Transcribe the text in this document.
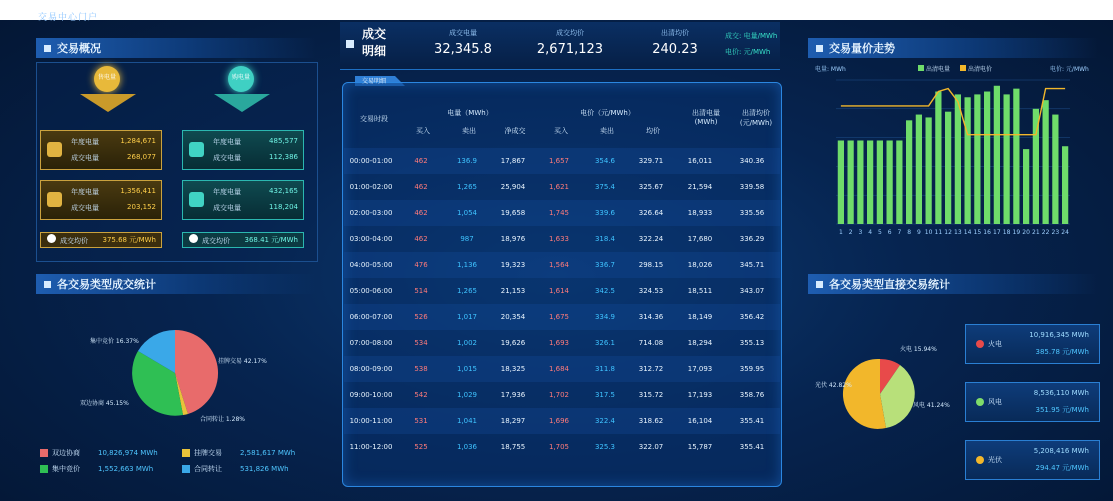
交易中心门户
交易概况
售电量	购电量
年度电量	1,284,671
成交电量	268,077
年度电量	485,577
成交电量	112,386
年度电量	1,356,411
成交电量	203,152
年度电量	432,165
成交电量	118,204
成交均价 375.68 元/MWh	成交均价 368.41 元/MWh
各交易类型成交统计
集中竞价 16.37%
双边协商 45.15%
挂牌交易 42.17%
合同转让 1.28%
双边协商	10,826,974 MWh	挂牌交易	2,581,617 MWh
集中竞价	1,552,663 MWh	合同转让	531,826 MWh
成交
明细
成交电量
32,345.8
成交均价
2,671,123
出清均价
240.23
成交: 电量/MWh
电价: 元/MWh
交易明细
交易时段
电量（MWh）	电价（元/MWh）	出清电量
(MWh)
出清均价
(元/MWh)
买入	卖出	净成交	买入	卖出	均价
00:00-01:00	462	136.9	17,867	1,657	354.6	329.71	16,011	340.36
01:00-02:00	462	1,265	25,904	1,621	375.4	325.67	21,594	339.58
02:00-03:00	462	1,054	19,658	1,745	339.6	326.64	18,933	335.56
03:00-04:00	462	987	18,976	1,633	318.4	322.24	17,680	336.29
04:00-05:00	476	1,136	19,323	1,564	336.7	298.15	18,026	345.71
05:00-06:00	514	1,265	21,153	1,614	342.5	324.53	18,511	343.07
06:00-07:00	526	1,017	20,354	1,675	334.9	314.36	18,149	356.42
07:00-08:00	534	1,002	19,626	1,693	326.1	714.08	18,294	355.13
08:00-09:00	538	1,015	18,325	1,684	311.8	312.72	17,093	359.95
09:00-10:00	542	1,029	17,936	1,702	317.5	315.72	17,193	358.76
10:00-11:00	531	1,041	18,297	1,696	322.4	318.62	16,104	355.41
11:00-12:00	525	1,036	18,755	1,705	325.3	322.07	15,787	355.41
交易量价走势
电量: MWh	电价: 元/MWh
出清电量	出清电价
1 2 3 4 5 6 7 8 9 10 11 12 13 14 15 16 17 18 19 20 21 22 23 24
各交易类型直接交易统计
火电 15.94%
风电 41.24%
光伏 42.82%
火电
10,916,345 MWh
385.78 元/MWh
风电
8,536,110 MWh
351.95 元/MWh
光伏
5,208,416 MWh
294.47 元/MWh
